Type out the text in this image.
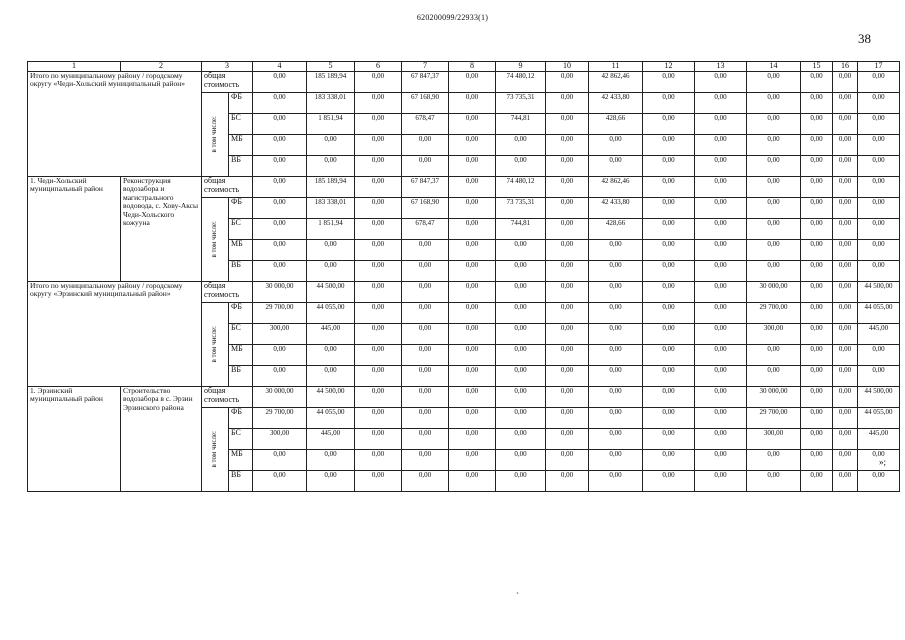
620200099/22933(1)
38
1	2	3		4	5	6	7	8	9	10	11	12	13	14	15	16	17
Итого по муниципальному району / городскому округу «Чеди-Хольский муниципальный район»		общая стоимость		0,00	185 189,94	0,00	67 847,37	0,00	74 480,12	0,00	42 862,46	0,00	0,00	0,00	0,00	0,00	0,00

		в том числе:	ФБ	0,00	183 338,01	0,00	67 168,90	0,00	73 735,31	0,00	42 433,80	0,00	0,00	0,00	0,00	0,00	0,00
			БС	0,00	1 851,94	0,00	678,47	0,00	744,81	0,00	428,66	0,00	0,00	0,00	0,00	0,00	0,00
			МБ	0,00	0,00	0,00	0,00	0,00	0,00	0,00	0,00	0,00	0,00	0,00	0,00	0,00	0,00
			ВБ	0,00	0,00	0,00	0,00	0,00	0,00	0,00	0,00	0,00	0,00	0,00	0,00	0,00	0,00
1. Чеди-Хольский муниципальный район	Реконструкция водозабора и магистрального водовода, с. Хову-Аксы Чеди-Хольского кожууна	общая стоимость		0,00	185 189,94	0,00	67 847,37	0,00	74 480,12	0,00	42 862,46	0,00	0,00	0,00	0,00	0,00	0,00

		в том числе:	ФБ	0,00	183 338,01	0,00	67 168,90	0,00	73 735,31	0,00	42 433,80	0,00	0,00	0,00	0,00	0,00	0,00
			БС	0,00	1 851,94	0,00	678,47	0,00	744,81	0,00	428,66	0,00	0,00	0,00	0,00	0,00	0,00
			МБ	0,00	0,00	0,00	0,00	0,00	0,00	0,00	0,00	0,00	0,00	0,00	0,00	0,00	0,00
			ВБ	0,00	0,00	0,00	0,00	0,00	0,00	0,00	0,00	0,00	0,00	0,00	0,00	0,00	0,00
Итого по муниципальному району / городскому округу «Эрзинский муниципальный район»		общая стоимость		30 000,00	44 500,00	0,00	0,00	0,00	0,00	0,00	0,00	0,00	0,00	30 000,00	0,00	0,00	44 500,00

		в том числе:	ФБ	29 700,00	44 055,00	0,00	0,00	0,00	0,00	0,00	0,00	0,00	0,00	29 700,00	0,00	0,00	44 055,00
			БС	300,00	445,00	0,00	0,00	0,00	0,00	0,00	0,00	0,00	0,00	300,00	0,00	0,00	445,00
			МБ	0,00	0,00	0,00	0,00	0,00	0,00	0,00	0,00	0,00	0,00	0,00	0,00	0,00	0,00
			ВБ	0,00	0,00	0,00	0,00	0,00	0,00	0,00	0,00	0,00	0,00	0,00	0,00	0,00	0,00
1. Эрзинский муниципальный район	Строительство водозабора в с. Эрзин Эрзинского района	общая стоимость		30 000,00	44 500,00	0,00	0,00	0,00	0,00	0,00	0,00	0,00	0,00	30 000,00	0,00	0,00	44 500,00

		в том числе:	ФБ	29 700,00	44 055,00	0,00	0,00	0,00	0,00	0,00	0,00	0,00	0,00	29 700,00	0,00	0,00	44 055,00
			БС	300,00	445,00	0,00	0,00	0,00	0,00	0,00	0,00	0,00	0,00	300,00	0,00	0,00	445,00
			МБ	0,00	0,00	0,00	0,00	0,00	0,00	0,00	0,00	0,00	0,00	0,00	0,00	0,00	0,00
			ВБ	0,00	0,00	0,00	0,00	0,00	0,00	0,00	0,00	0,00	0,00	0,00	0,00	0,00	0,00
»;
`
